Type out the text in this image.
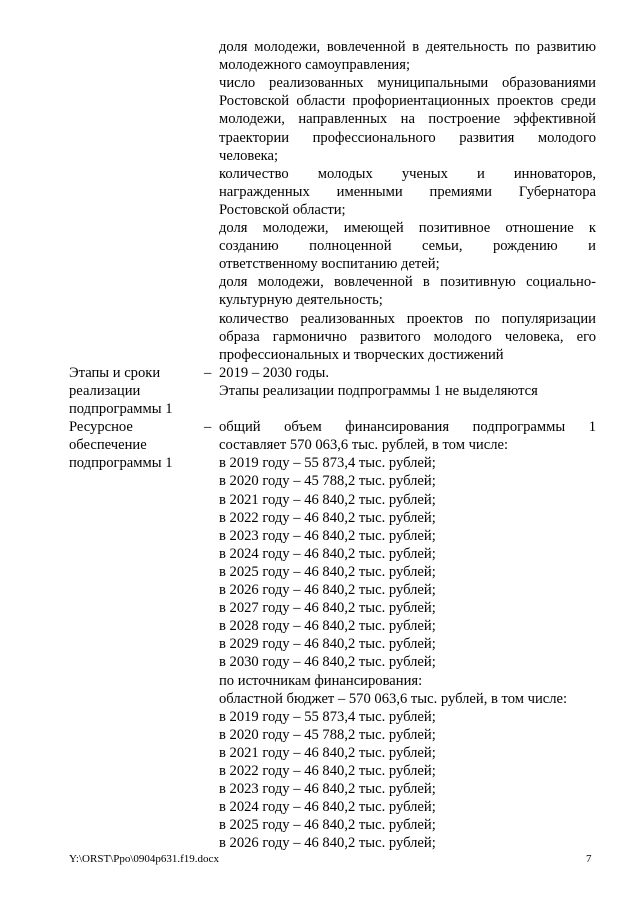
доля молодежи, вовлеченной в деятельность по развитию
молодежного самоуправления;
число реализованных муниципальными образованиями
Ростовской области профориентационных проектов среди
молодежи, направленных на построение эффективной
траектории профессионального развития молодого
человека;
количество молодых ученых и инноваторов,
награжденных именными премиями Губернатора
Ростовской области;
доля молодежи, имеющей позитивное отношение к
созданию полноценной семьи, рождению и
ответственному воспитанию детей;
доля молодежи, вовлеченной в позитивную социально-
культурную деятельность;
количество реализованных проектов по популяризации
образа гармонично развитого молодого человека, его
профессиональных и творческих достижений
Этапы и сроки
реализации
подпрограммы 1
– 2019 – 2030 годы.
Этапы реализации подпрограммы 1 не выделяются
Ресурсное
обеспечение
подпрограммы 1
– общий объем финансирования подпрограммы 1
составляет 570 063,6 тыс. рублей, в том числе:
в 2019 году – 55 873,4 тыс. рублей;
в 2020 году – 45 788,2 тыс. рублей;
в 2021 году – 46 840,2 тыс. рублей;
в 2022 году – 46 840,2 тыс. рублей;
в 2023 году – 46 840,2 тыс. рублей;
в 2024 году – 46 840,2 тыс. рублей;
в 2025 году – 46 840,2 тыс. рублей;
в 2026 году – 46 840,2 тыс. рублей;
в 2027 году – 46 840,2 тыс. рублей;
в 2028 году – 46 840,2 тыс. рублей;
в 2029 году – 46 840,2 тыс. рублей;
в 2030 году – 46 840,2 тыс. рублей;
по источникам финансирования:
областной бюджет – 570 063,6 тыс. рублей, в том числе:
в 2019 году – 55 873,4 тыс. рублей;
в 2020 году – 45 788,2 тыс. рублей;
в 2021 году – 46 840,2 тыс. рублей;
в 2022 году – 46 840,2 тыс. рублей;
в 2023 году – 46 840,2 тыс. рублей;
в 2024 году – 46 840,2 тыс. рублей;
в 2025 году – 46 840,2 тыс. рублей;
в 2026 году – 46 840,2 тыс. рублей;
Y:\ORST\Ppo\0904p631.f19.docx	7
